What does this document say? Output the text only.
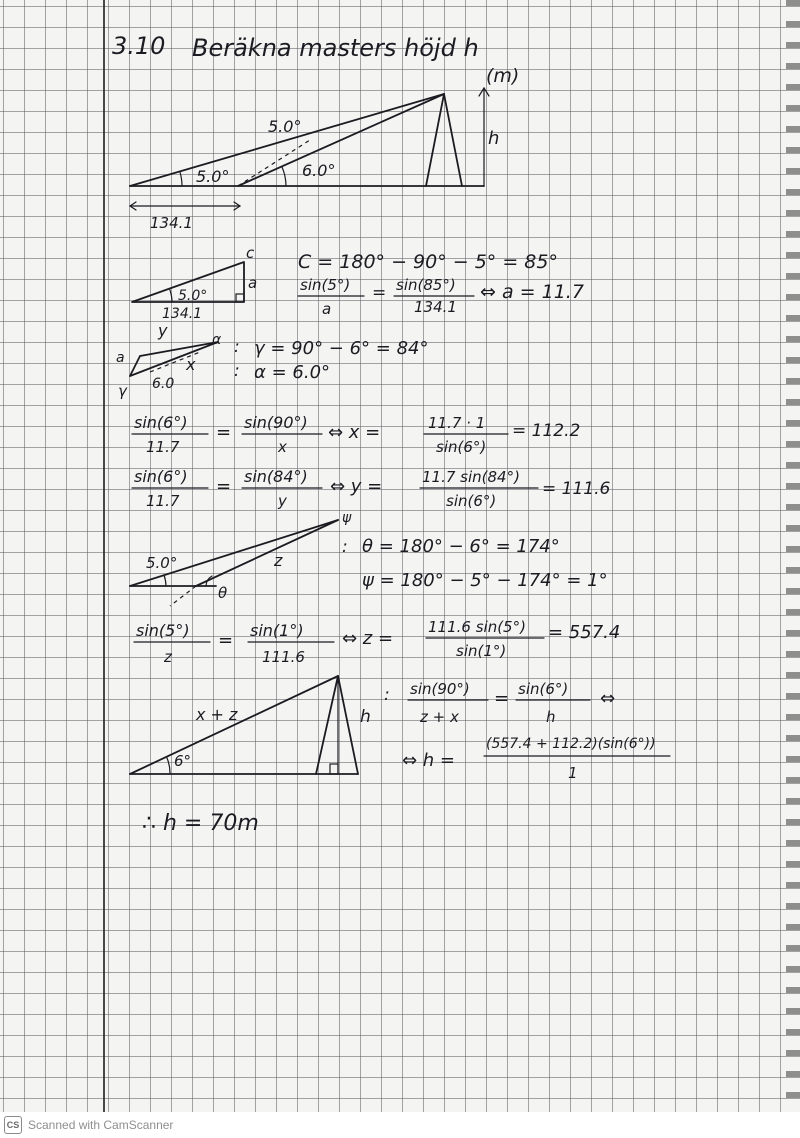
3.10 Beräkna masters höjd h
(m)
5.0°
5.0°	6.0°
134.1
h
c
a
5.0°
134.1
C = 180° − 90° − 5° = 85°
sin(5°)
a
= sin(85°)
134.1
⇔ a = 11.7
y
x
a
α
γ 6.0
: γ = 90° − 6° = 84°
: α = 6.0°
sin(6°)
11.7
= sin(90°)
x
⇔ x =	11.7 · 1
sin(6°)
= 112.2
sin(6°)
11.7
= sin(84°)
y
⇔ y =	11.7 sin(84°)
sin(6°)
= 111.6
5.0°	z
θ
ψ
: θ = 180° − 6° = 174°
ψ = 180° − 5° − 174° = 1°
sin(5°)
z
= sin(1°)
111.6
⇔ z =
111.6 sin(5°)
sin(1°)
= 557.4
x + z
6°
h
: sin(90°)
z + x
= sin(6°)
h
⇔
⇔ h =
(557.4 + 112.2)(sin(6°))
1
∴ h = 70m
CS Scanned with CamScanner
